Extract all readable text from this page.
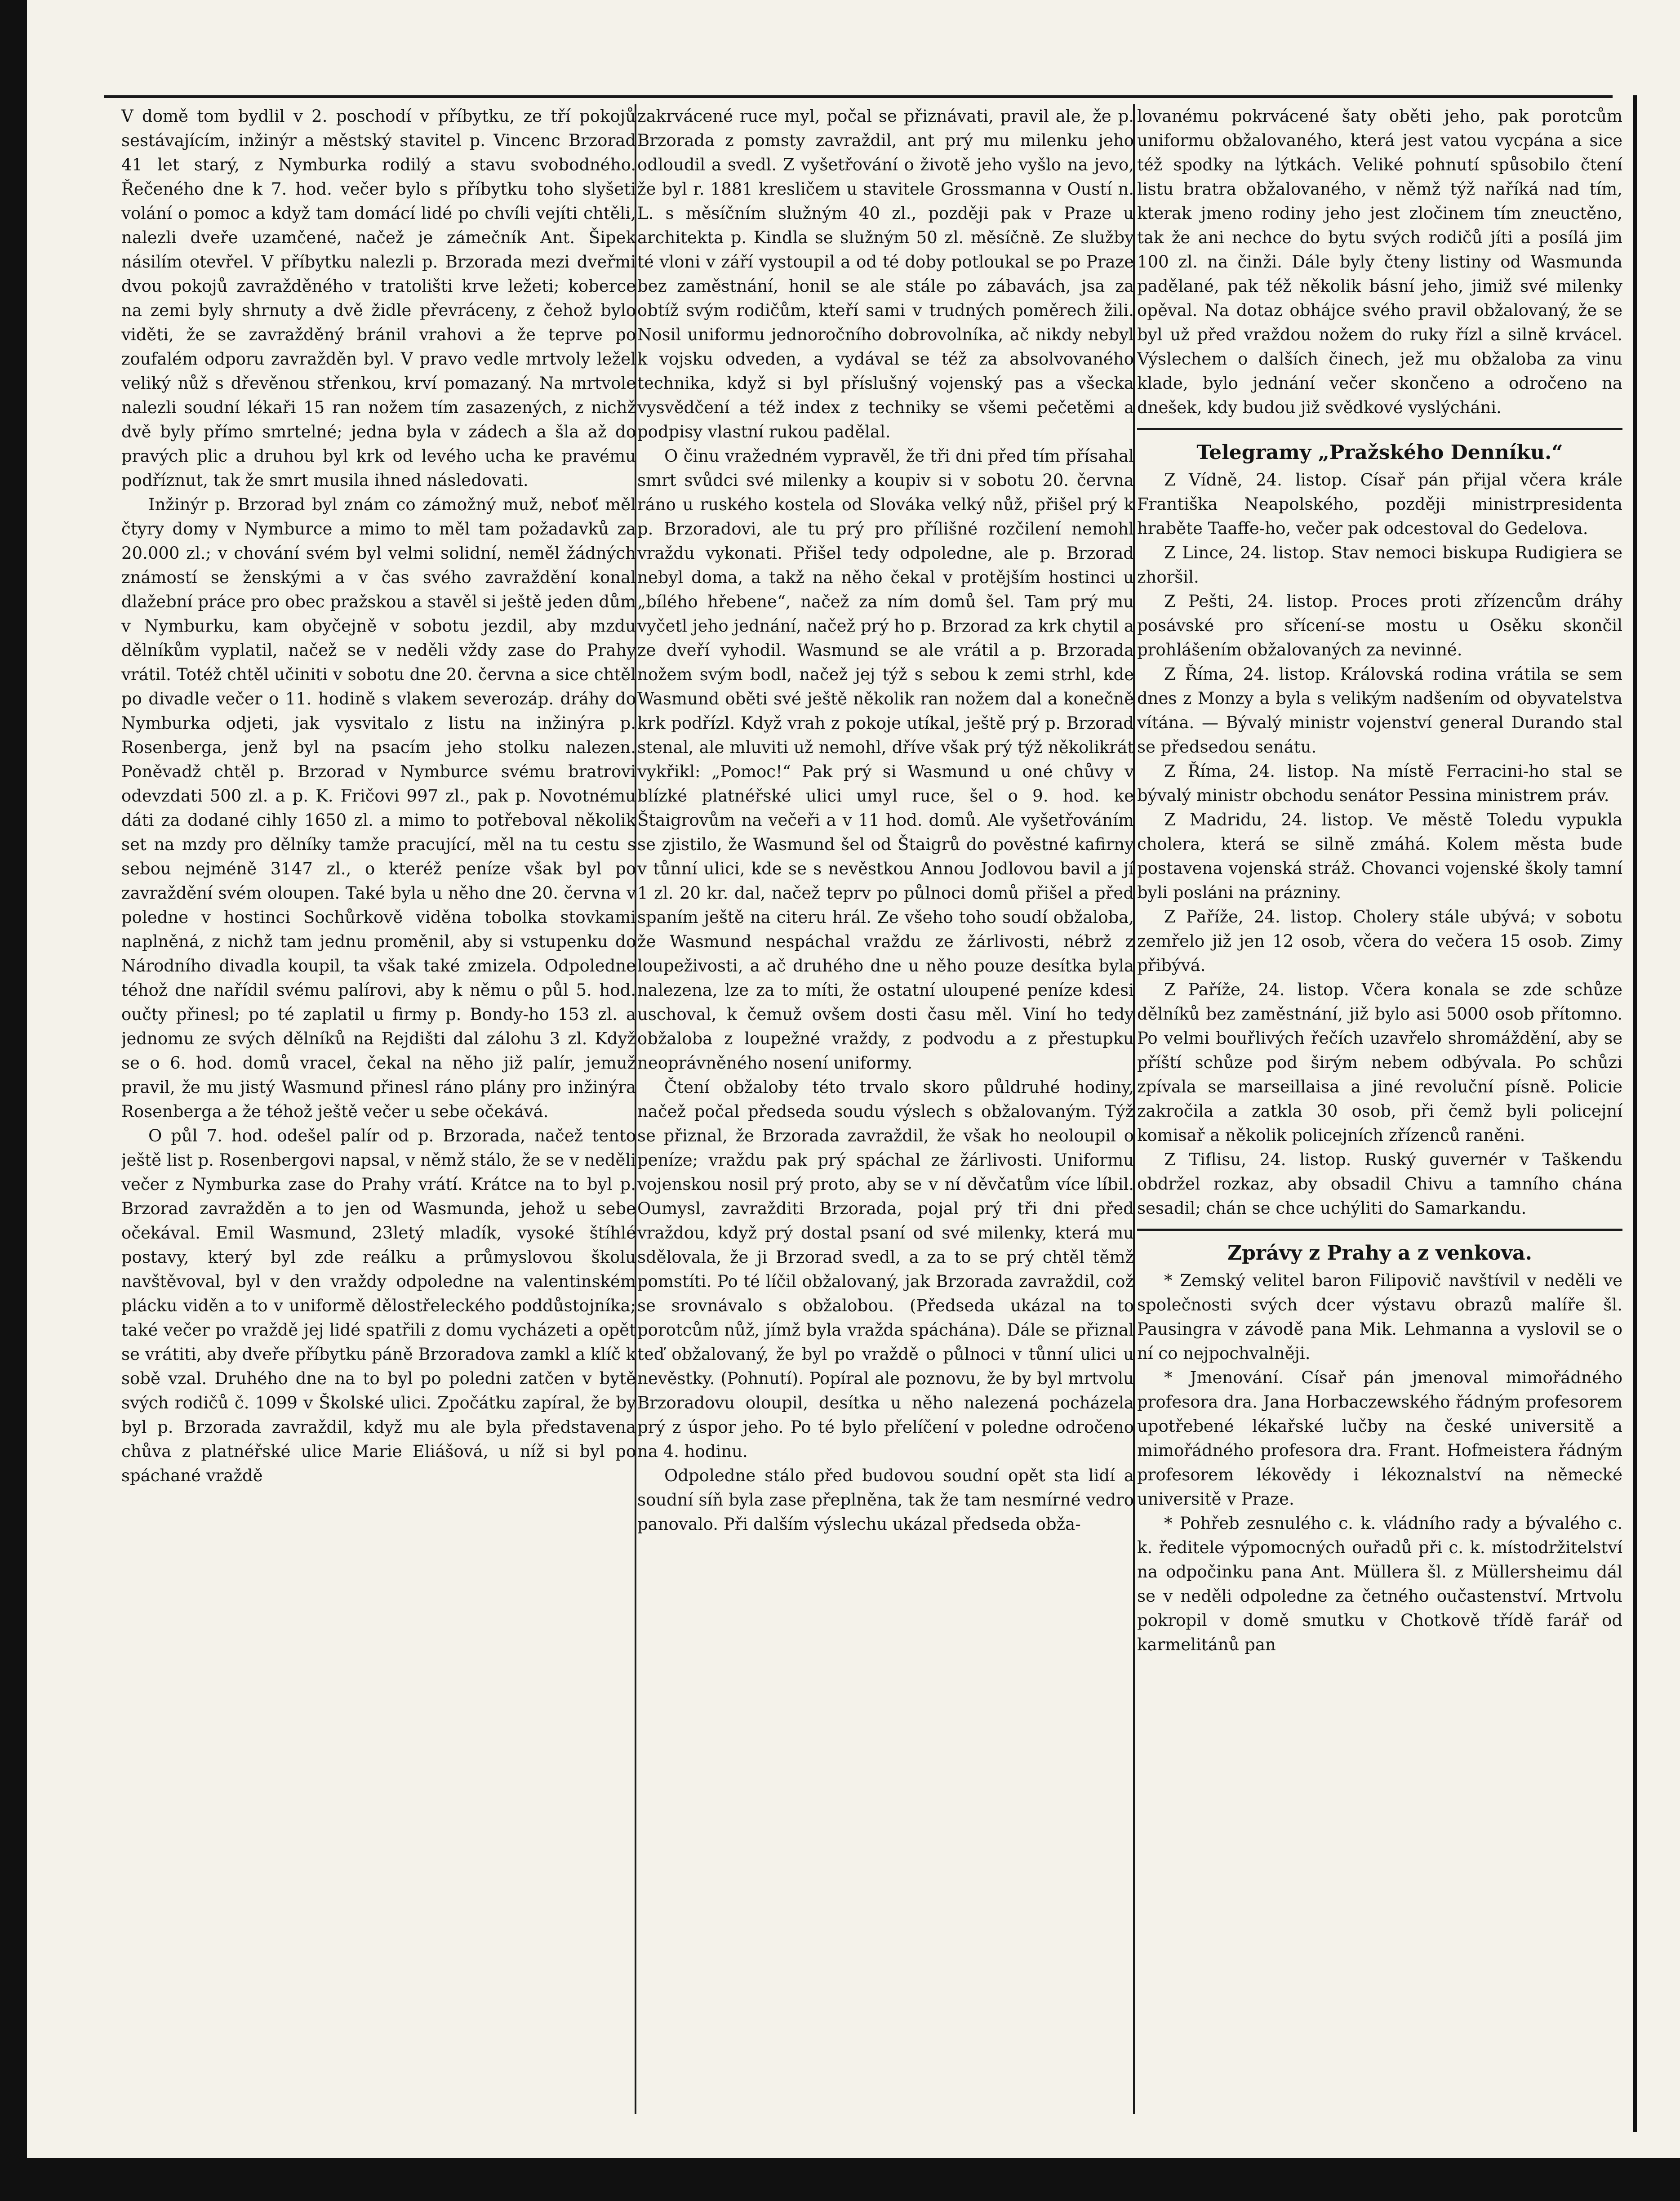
V domě tom bydlil v 2. poschodí v příbytku, ze tří pokojů sestávajícím, inžinýr a městský stavitel p. Vincenc Brzorad 41 let starý, z Nymburka rodilý a stavu svobodného. Řečeného dne k 7. hod. večer bylo s příbytku toho slyšeti volání o pomoc a když tam domácí lidé po chvíli vejíti chtěli, nalezli dveře uzamčené, načež je zámečník Ant. Šipek násilím otevřel. V příbytku nalezli p. Brzorada mezi dveřmi dvou pokojů zavražděného v tratolišti krve ležeti; koberce na zemi byly shrnuty a dvě židle převráceny, z čehož bylo viděti, že se zavražděný bránil vrahovi a že teprve po zoufalém odporu zavražděn byl. V pravo vedle mrtvoly ležel veliký nůž s dřevěnou střenkou, krví pomazaný. Na mrtvole nalezli soudní lékaři 15 ran nožem tím zasazených, z nichž dvě byly přímo smrtelné; jedna byla v zádech a šla až do pravých plic a druhou byl krk od levého ucha ke pravému podříznut, tak že smrt musila ihned následovati.

Inžinýr p. Brzorad byl znám co zámožný muž, neboť měl čtyry domy v Nymburce a mimo to měl tam požadavků za 20.000 zl.; v chování svém byl velmi solidní, neměl žádných známostí se ženskými a v čas svého zavraždění konal dlažební práce pro obec pražskou a stavěl si ještě jeden dům v Nymburku, kam obyčejně v sobotu jezdil, aby mzdu dělníkům vyplatil, načež se v neděli vždy zase do Prahy vrátil. Totéž chtěl učiniti v sobotu dne 20. června a sice chtěl po divadle večer o 11. hodině s vlakem severozáp. dráhy do Nymburka odjeti, jak vysvitalo z listu na inžinýra p. Rosenberga, jenž byl na psacím jeho stolku nalezen. Poněvadž chtěl p. Brzorad v Nymburce svému bratrovi odevzdati 500 zl. a p. K. Fričovi 997 zl., pak p. Novotnému dáti za dodané cihly 1650 zl. a mimo to potřeboval několik set na mzdy pro dělníky tamže pracující, měl na tu cestu s sebou nejméně 3147 zl., o kteréž peníze však byl po zavraždění svém oloupen. Také byla u něho dne 20. června v poledne v hostinci Sochůrkově viděna tobolka stovkami naplněná, z nichž tam jednu proměnil, aby si vstupenku do Národního divadla koupil, ta však také zmizela. Odpoledne téhož dne nařídil svému palírovi, aby k němu o půl 5. hod. oučty přinesl; po té zaplatil u firmy p. Bondy-ho 153 zl. a jednomu ze svých dělníků na Rejdišti dal zálohu 3 zl. Když se o 6. hod. domů vracel, čekal na něho již palír, jemuž pravil, že mu jistý Wasmund přinesl ráno plány pro inžinýra Rosenberga a že téhož ještě večer u sebe očekává.

O půl 7. hod. odešel palír od p. Brzorada, načež tento ještě list p. Rosenbergovi napsal, v němž stálo, že se v neděli večer z Nymburka zase do Prahy vrátí. Krátce na to byl p. Brzorad zavražděn a to jen od Wasmunda, jehož u sebe očekával. Emil Wasmund, 23letý mladík, vysoké štíhlé postavy, který byl zde reálku a průmyslovou školu navštěvoval, byl v den vraždy odpoledne na valentinském plácku viděn a to v uniformě dělostřeleckého poddůstojníka; také večer po vraždě jej lidé spatřili z domu vycházeti a opět se vrátiti, aby dveře příbytku páně Brzoradova zamkl a klíč k sobě vzal. Druhého dne na to byl po poledni zatčen v bytě svých rodičů č. 1099 v Školské ulici. Zpočátku zapíral, že by byl p. Brzorada zavraždil, když mu ale byla představena chůva z platnéřské ulice Marie Eliášová, u níž si byl po spáchané vraždě

zakrvácené ruce myl, počal se přiznávati, pravil ale, že p. Brzorada z pomsty zavraždil, ant prý mu milenku jeho odloudil a svedl. Z vyšetřování o životě jeho vyšlo na jevo, že byl r. 1881 kresličem u stavitele Grossmanna v Oustí n. L. s měsíčním služným 40 zl., později pak v Praze u architekta p. Kindla se služným 50 zl. měsíčně. Ze služby té vloni v září vystoupil a od té doby potloukal se po Praze bez zaměstnání, honil se ale stále po zábavách, jsa za obtíž svým rodičům, kteří sami v trudných poměrech žili. Nosil uniformu jednoročního dobrovolníka, ač nikdy nebyl k vojsku odveden, a vydával se též za absolvovaného technika, když si byl příslušný vojenský pas a všecka vysvědčení a též index z techniky se všemi pečetěmi a podpisy vlastní rukou padělal.

O činu vražedném vypravěl, že tři dni před tím přísahal smrt svůdci své milenky a koupiv si v sobotu 20. června ráno u ruského kostela od Slováka velký nůž, přišel prý k p. Brzoradovi, ale tu prý pro přílišné rozčilení nemohl vraždu vykonati. Přišel tedy odpoledne, ale p. Brzorad nebyl doma, a takž na něho čekal v protějším hostinci u „bílého hřebene“, načež za ním domů šel. Tam prý mu vyčetl jeho jednání, načež prý ho p. Brzorad za krk chytil a ze dveří vyhodil. Wasmund se ale vrátil a p. Brzorada nožem svým bodl, načež jej týž s sebou k zemi strhl, kde Wasmund oběti své ještě několik ran nožem dal a konečně krk podřízl. Když vrah z pokoje utíkal, ještě prý p. Brzorad stenal, ale mluviti už nemohl, dříve však prý týž několikrát vykřikl: „Pomoc!“ Pak prý si Wasmund u oné chůvy v blízké platnéřské ulici umyl ruce, šel o 9. hod. ke Štaigrovům na večeři a v 11 hod. domů. Ale vyšetřováním se zjistilo, že Wasmund šel od Štaigrů do pověstné kafirny v tůnní ulici, kde se s nevěstkou Annou Jodlovou bavil a jí 1 zl. 20 kr. dal, načež teprv po půlnoci domů přišel a před spaním ještě na citeru hrál. Ze všeho toho soudí obžaloba, že Wasmund nespáchal vraždu ze žárlivosti, nébrž z loupeživosti, a ač druhého dne u něho pouze desítka byla nalezena, lze za to míti, že ostatní uloupené peníze kdesi uschoval, k čemuž ovšem dosti času měl. Viní ho tedy obžaloba z loupežné vraždy, z podvodu a z přestupku neoprávněného nosení uniformy.

Čtení obžaloby této trvalo skoro půldruhé hodiny, načež počal předseda soudu výslech s obžalovaným. Týž se přiznal, že Brzorada zavraždil, že však ho neoloupil o peníze; vraždu pak prý spáchal ze žárlivosti. Uniformu vojenskou nosil prý proto, aby se v ní děvčatům více líbil. Oumysl, zavražditi Brzorada, pojal prý tři dni před vraždou, když prý dostal psaní od své milenky, která mu sdělovala, že ji Brzorad svedl, a za to se prý chtěl těmž pomstíti. Po té líčil obžalovaný, jak Brzorada zavraždil, což se srovnávalo s obžalobou. (Předseda ukázal na to porotcům nůž, jímž byla vražda spáchána). Dále se přiznal teď obžalovaný, že byl po vraždě o půlnoci v tůnní ulici u nevěstky. (Pohnutí). Popíral ale poznovu, že by byl mrtvolu Brzoradovu oloupil, desítka u něho nalezená pocházela prý z úspor jeho. Po té bylo přelíčení v poledne odročeno na 4. hodinu.

Odpoledne stálo před budovou soudní opět sta lidí a soudní síň byla zase přeplněna, tak že tam nesmírné vedro panovalo. Při dalším výslechu ukázal předseda obža-

lovanému pokrvácené šaty oběti jeho, pak porotcům uniformu obžalovaného, která jest vatou vycpána a sice též spodky na lýtkách. Veliké pohnutí spůsobilo čtení listu bratra obžalovaného, v němž týž naříká nad tím, kterak jmeno rodiny jeho jest zločinem tím zneuctěno, tak že ani nechce do bytu svých rodičů jíti a posílá jim 100 zl. na činži. Dále byly čteny listiny od Wasmunda padělané, pak též několik básní jeho, jimiž své milenky opěval. Na dotaz obhájce svého pravil obžalovaný, že se byl už před vraždou nožem do ruky řízl a silně krvácel. Výslechem o dalších činech, jež mu obžaloba za vinu klade, bylo jednání večer skončeno a odročeno na dnešek, kdy budou již svědkové vyslýcháni.

Telegramy „Pražského Denníku.“

Z Vídně, 24. listop. Císař pán přijal včera krále Františka Neapolského, později ministrpresidenta hraběte Taaffe-ho, večer pak odcestoval do Gedelova.

Z Lince, 24. listop. Stav nemoci biskupa Rudigiera se zhoršil.

Z Pešti, 24. listop. Proces proti zřízencům dráhy posávské pro sřícení-se mostu u Osěku skončil prohlášením obžalovaných za nevinné.

Z Říma, 24. listop. Královská rodina vrátila se sem dnes z Monzy a byla s velikým nadšením od obyvatelstva vítána. — Bývalý ministr vojenství general Durando stal se předsedou senátu.

Z Říma, 24. listop. Na místě Ferracini-ho stal se bývalý ministr obchodu senátor Pessina ministrem práv.

Z Madridu, 24. listop. Ve městě Toledu vypukla cholera, která se silně zmáhá. Kolem města bude postavena vojenská stráž. Chovanci vojenské školy tamní byli posláni na prázniny.

Z Paříže, 24. listop. Cholery stále ubývá; v sobotu zemřelo již jen 12 osob, včera do večera 15 osob. Zimy přibývá.

Z Paříže, 24. listop. Včera konala se zde schůze dělníků bez zaměstnání, již bylo asi 5000 osob přítomno. Po velmi bouřlivých řečích uzavřelo shromáždění, aby se příští schůze pod širým nebem odbývala. Po schůzi zpívala se marseillaisa a jiné revoluční písně. Policie zakročila a zatkla 30 osob, při čemž byli policejní komisař a několik policejních zřízenců raněni.

Z Tiflisu, 24. listop. Ruský guvernér v Taškendu obdržel rozkaz, aby obsadil Chivu a tamního chána sesadil; chán se chce uchýliti do Samarkandu.

Zprávy z Prahy a z venkova.

* Zemský velitel baron Filipovič navštívil v neděli ve společnosti svých dcer výstavu obrazů malíře šl. Pausingra v závodě pana Mik. Lehmanna a vyslovil se o ní co nejpochvalněji.

* Jmenování. Císař pán jmenoval mimořádného profesora dra. Jana Horbaczewského řádným profesorem upotřebené lékařské lučby na české universitě a mimořádného profesora dra. Frant. Hofmeistera řádným profesorem lékovědy i lékoznalství na německé universitě v Praze.

* Pohřeb zesnulého c. k. vládního rady a bývalého c. k. ředitele výpomocných ouřadů při c. k. místodržitelství na odpočinku pana Ant. Müllera šl. z Müllersheimu dál se v neděli odpoledne za četného oučastenství. Mrtvolu pokropil v domě smutku v Chotkově třídě farář od karmelitánů pan
